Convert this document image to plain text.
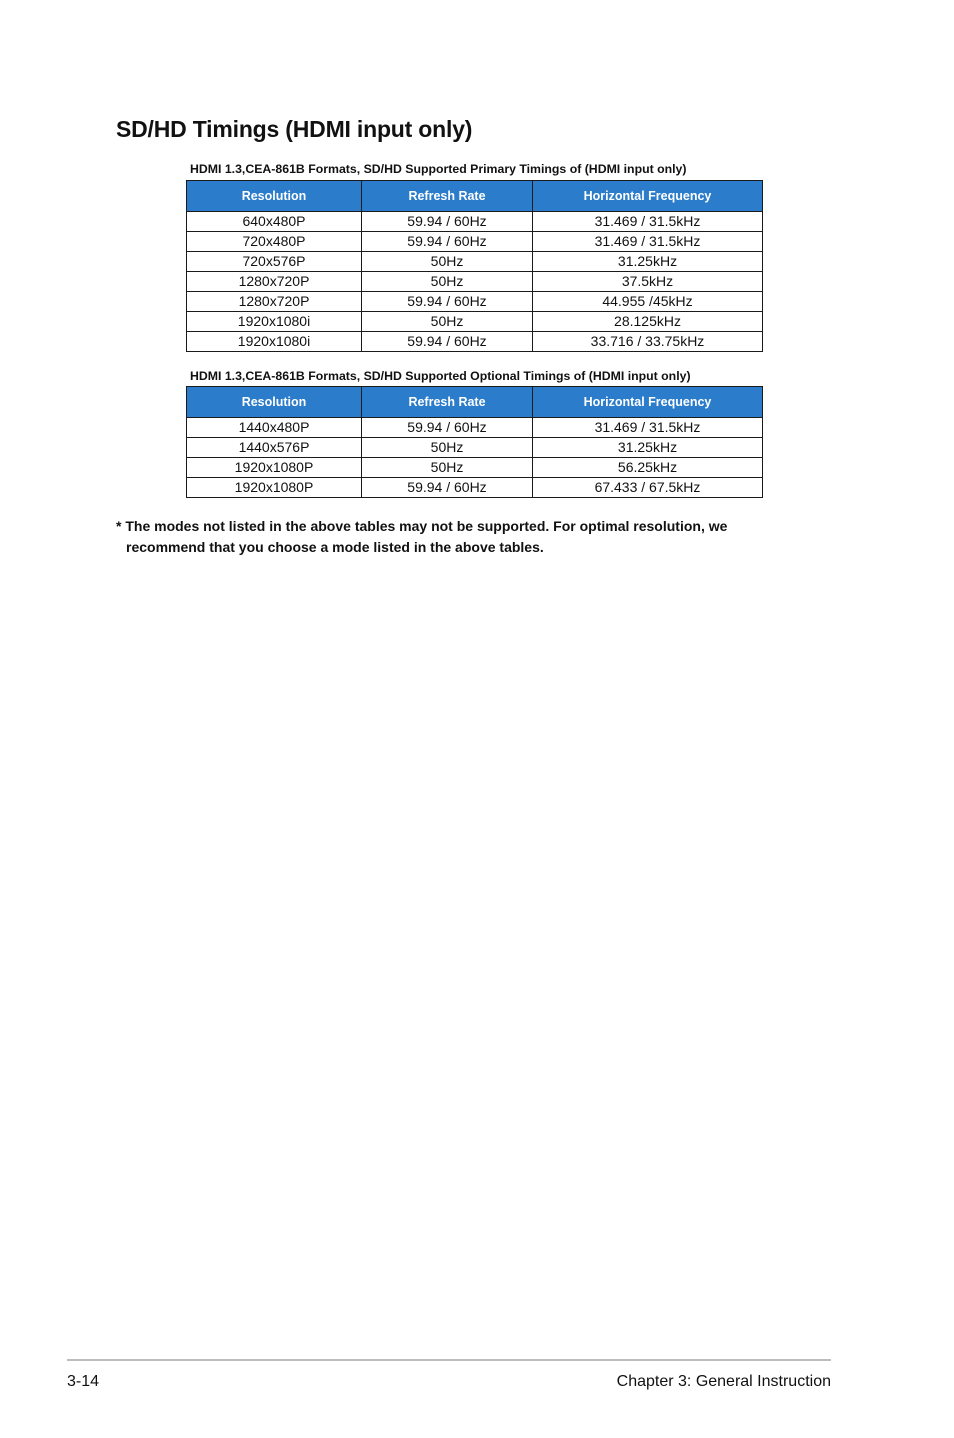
SD/HD Timings (HDMI input only)
HDMI 1.3,CEA-861B Formats, SD/HD Supported Primary Timings of (HDMI input only)
Resolution	Refresh Rate	Horizontal Frequency
640x480P	59.94 / 60Hz	31.469 / 31.5kHz
720x480P	59.94 / 60Hz	31.469 / 31.5kHz
720x576P	50Hz	31.25kHz
1280x720P	50Hz	37.5kHz
1280x720P	59.94 / 60Hz	44.955 /45kHz
1920x1080i	50Hz	28.125kHz
1920x1080i	59.94 / 60Hz	33.716 / 33.75kHz
HDMI 1.3,CEA-861B Formats, SD/HD Supported Optional Timings of (HDMI input only)
Resolution	Refresh Rate	Horizontal Frequency
1440x480P	59.94 / 60Hz	31.469 / 31.5kHz
1440x576P	50Hz	31.25kHz
1920x1080P	50Hz	56.25kHz
1920x1080P	59.94 / 60Hz	67.433 / 67.5kHz
* The modes not listed in the above tables may not be supported. For optimal resolution, we
recommend that you choose a mode listed in the above tables.
3-14	Chapter 3: General Instruction
